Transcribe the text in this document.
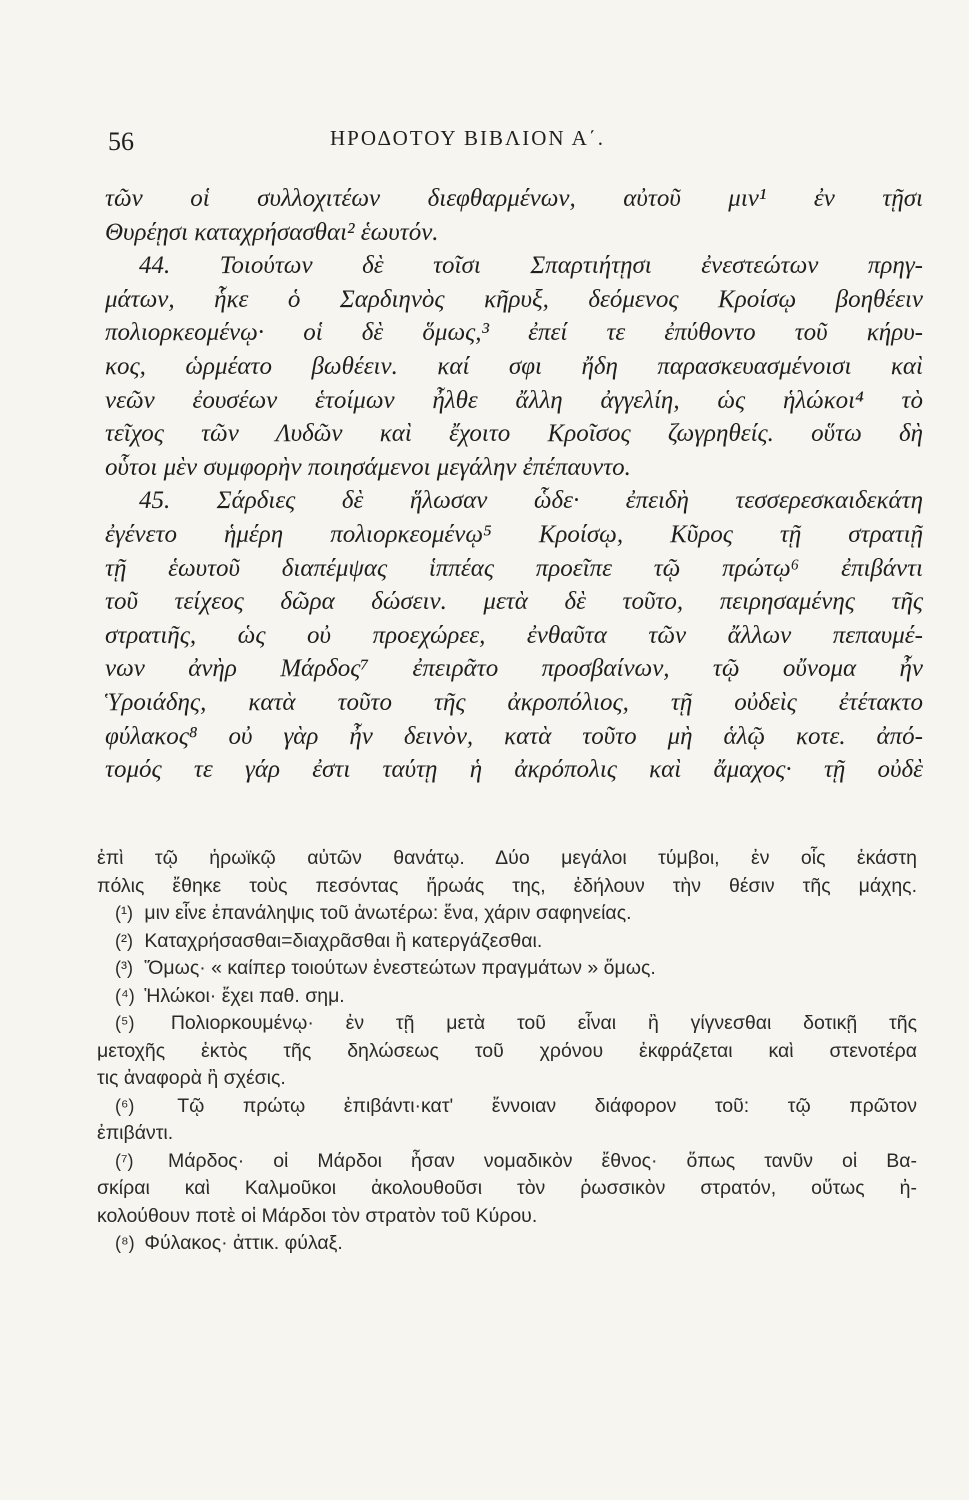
56	ΗΡΟΔΟΤΟΥ ΒΙΒΛΙΟΝ Α΄.
τῶν οἱ συλλοχιτέων διεφθαρμένων, αὐτοῦ μιν¹ ἐν τῇσι
Θυρέῃσι καταχρήσασθαι² ἑωυτόν.
44. Τοιούτων δὲ τοῖσι Σπαρτιήτῃσι ἐνεστεώτων πρηγ-
μάτων, ἧκε ὁ Σαρδιηνὸς κῆρυξ, δεόμενος Κροίσῳ βοηθέειν
πολιορκεομένῳ· οἱ δὲ ὅμως,³ ἐπεί τε ἐπύθοντο τοῦ κήρυ-
κος, ὡρμέατο βωθέειν. καί σφι ἤδη παρασκευασμένοισι καὶ
νεῶν ἐουσέων ἑτοίμων ἦλθε ἄλλη ἀγγελίη, ὡς ἡλώκοι⁴ τὸ
τεῖχος τῶν Λυδῶν καὶ ἔχοιτο Κροῖσος ζωγρηθείς. οὕτω δὴ
οὗτοι μὲν συμφορὴν ποιησάμενοι μεγάλην ἐπέπαυντο.
45. Σάρδιες δὲ ἥλωσαν ὧδε· ἐπειδὴ τεσσερεσκαιδεκάτη
ἐγένετο ἡμέρη πολιορκεομένῳ⁵ Κροίσῳ, Κῦρος τῇ στρατιῇ
τῇ ἑωυτοῦ διαπέμψας ἱππέας προεῖπε τῷ πρώτῳ⁶ ἐπιβάντι
τοῦ τείχεος δῶρα δώσειν. μετὰ δὲ τοῦτο, πειρησαμένης τῆς
στρατιῆς, ὡς οὐ προεχώρεε, ἐνθαῦτα τῶν ἄλλων πεπαυμέ-
νων ἀνὴρ Μάρδος⁷ ἐπειρᾶτο προσβαίνων, τῷ οὔνομα ἦν
Ὑροιάδης, κατὰ τοῦτο τῆς ἀκροπόλιος, τῇ οὐδεὶς ἐτέτακτο
φύλακος⁸ οὐ γὰρ ἦν δεινὸν, κατὰ τοῦτο μὴ ἁλῷ κοτε. ἀπό-
τομός τε γάρ ἐστι ταύτῃ ἡ ἀκρόπολις καὶ ἄμαχος· τῇ οὐδὲ
ἐπὶ τῷ ἡρωϊκῷ αὐτῶν θανάτῳ. Δύο μεγάλοι τύμβοι, ἐν οἷς ἑκάστη
πόλις ἔθηκε τοὺς πεσόντας ἥρωάς της, ἐδήλουν τὴν θέσιν τῆς μάχης.
(¹) μιν εἶνε ἐπανάληψις τοῦ ἀνωτέρω: ἕνα, χάριν σαφηνείας.
(²) Καταχρήσασθαι=διαχρᾶσθαι ἢ κατεργάζεσθαι.
(³) Ὅμως· « καίπερ τοιούτων ἐνεστεώτων πραγμάτων » ὅμως.
(⁴) Ἡλώκοι· ἔχει παθ. σημ.
(⁵) Πολιορκουμένῳ· ἐν τῇ μετὰ τοῦ εἶναι ἢ γίγνεσθαι δοτικῇ τῆς
μετοχῆς ἐκτὸς τῆς δηλώσεως τοῦ χρόνου ἐκφράζεται καὶ στενοτέρα
τις ἀναφορὰ ἢ σχέσις.
(⁶) Τῷ πρώτῳ ἐπιβάντι·κατ' ἔννοιαν διάφορον τοῦ: τῷ πρῶτον
ἐπιβάντι.
(⁷) Μάρδος· οἱ Μάρδοι ἦσαν νομαδικὸν ἔθνος· ὅπως τανῦν οἱ Βα-
σκίραι καὶ Καλμοῦκοι ἀκολουθοῦσι τὸν ῥωσσικὸν στρατόν, οὕτως ἠ-
κολούθουν ποτὲ οἱ Μάρδοι τὸν στρατὸν τοῦ Κύρου.
(⁸) Φύλακος· ἀττικ. φύλαξ.
